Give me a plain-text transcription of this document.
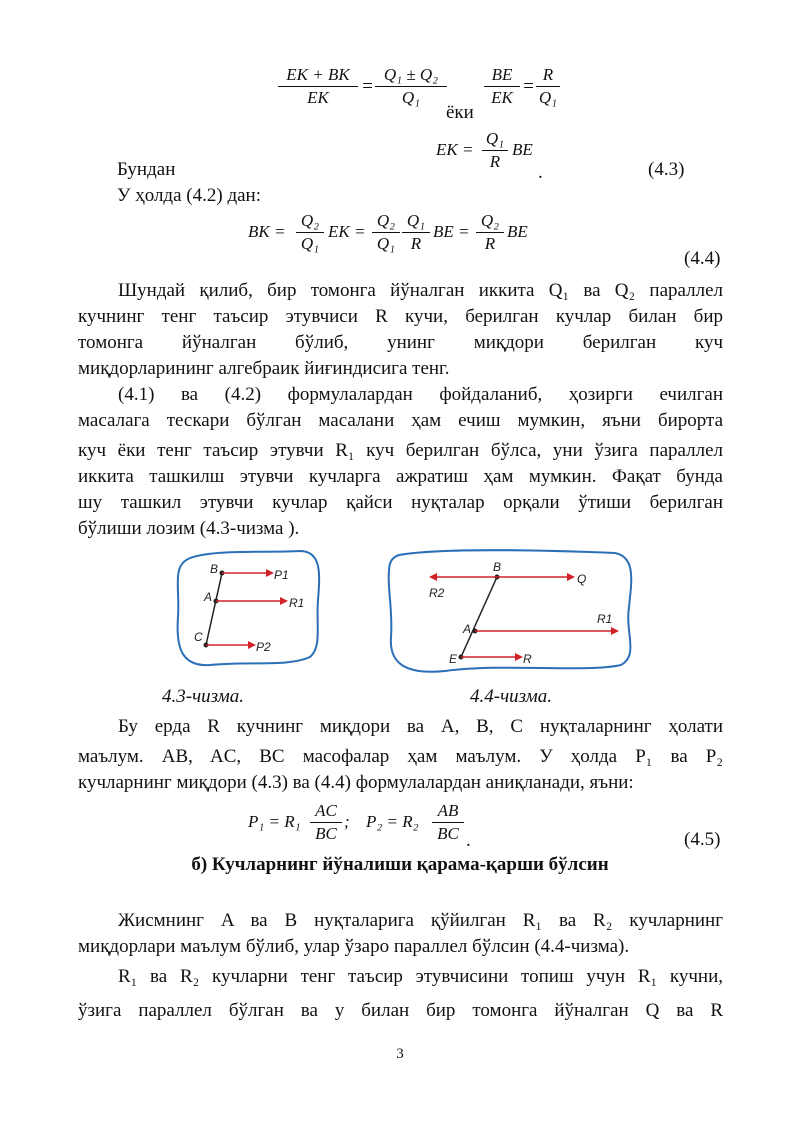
$\frac{EK + BK}{EK} = \frac{\text{Q₁ ± Q₂}}{\text{Q₁}}$
ёки
$\frac{BE}{EK} = \frac{R}{\text{Q₁}}$
EK = $\frac{\text{Q₁}}{R}$ BE
.
Бундан	(4.3)
У ҳолда (4.2) дан:
BK = $\frac{\text{Q₂}}{\text{Q₁}}$ EK = $\frac{\text{Q₂}}{\text{Q₁}} \frac{\text{Q₁}}{R}$ BE = $\frac{\text{Q₂}}{R}$ BE
(4.4)
Шундай қилиб, бир томонга йўналган иккита Q₁ ва Q₂ параллел
кучнинг тенг таъсир этувчиси R кучи, берилган кучлар билан бир
томонга йўналган бўлиб, унинг миқдори берилган куч
миқдорларининг алгебраик йиғиндисига тенг.
(4.1) ва (4.2) формулалардан фойдаланиб, ҳозирги ечилган
масалага тескари бўлган масалани ҳам ечиш мумкин, яъни бирорта
куч ёки тенг таъсир этувчи R₁ куч берилган бўлса, уни ўзига параллел
иккита ташкилш этувчи кучларга ажратиш ҳам мумкин. Фақат бунда
шу ташкил этувчи кучлар қайси нуқталар орқали ўтиши берилган
бўлиши лозим (4.3-чизма ).
B
A
C
P1
R1
P2
B
Q
R2
A
R1
E	R
4.3-чизма.	4.4-чизма.
Бу ерда R кучнинг миқдори ва A, B, C нуқталарнинг ҳолати
маълум. AB, AC, BC масофалар ҳам маълум. У ҳолда P₁ ва P₂
кучларнинг миқдори (4.3) ва (4.4) формулалардан аниқланади, яъни:
$P_1 = R_1 \frac{AC}{BC}$ ; $P_2 = R_2 \frac{AB}{BC}$ .	(4.5)
б) Кучларнинг йўналиши қарама-қарши бўлсин
Жисмнинг A ва B нуқталарига қўйилган R₁ ва R₂ кучларнинг
миқдорлари маълум бўлиб, улар ўзаро параллел бўлсин (4.4-чизма).
R₁ ва R₂ кучларни тенг таъсир этувчисини топиш учун R₁ кучни,
ўзига параллел бўлган ва у билан бир томонга йўналган Q ва R
3
